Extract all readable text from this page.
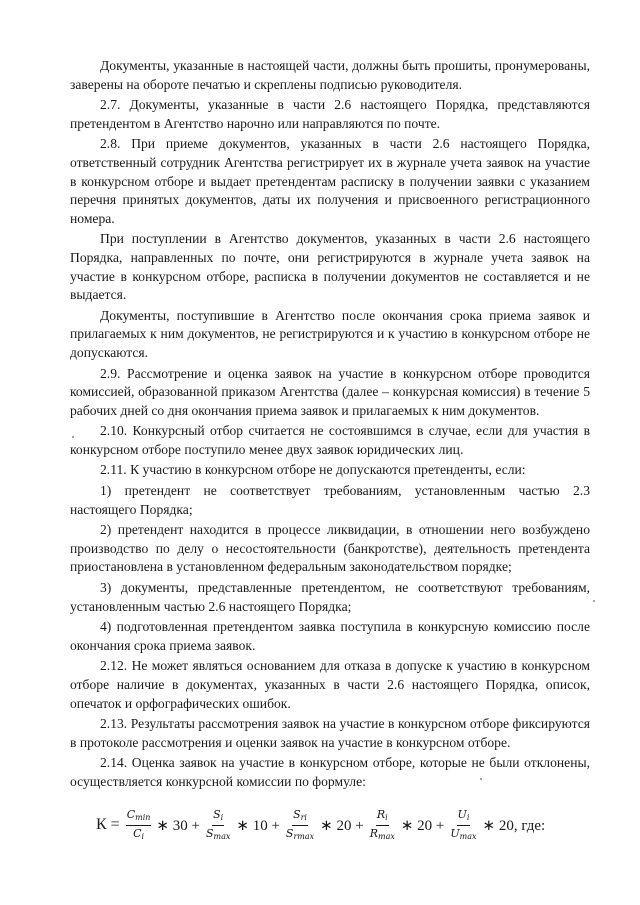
Документы, указанные в настоящей части, должны быть прошиты, пронумерованы, заверены на обороте печатью и скреплены подписью руководителя.

2.7. Документы, указанные в части 2.6 настоящего Порядка, представляются претендентом в Агентство нарочно или направляются по почте.

2.8. При приеме документов, указанных в части 2.6 настоящего Порядка, ответственный сотрудник Агентства регистрирует их в журнале учета заявок на участие в конкурсном отборе и выдает претендентам расписку в получении заявки с указанием перечня принятых документов, даты их получения и присвоенного регистрационного номера.

При поступлении в Агентство документов, указанных в части 2.6 настоящего Порядка, направленных по почте, они регистрируются в журнале учета заявок на участие в конкурсном отборе, расписка в получении документов не составляется и не выдается.

Документы, поступившие в Агентство после окончания срока приема заявок и прилагаемых к ним документов, не регистрируются и к участию в конкурсном отборе не допускаются.

2.9. Рассмотрение и оценка заявок на участие в конкурсном отборе проводится комиссией, образованной приказом Агентства (далее – конкурсная комиссия) в течение 5 рабочих дней со дня окончания приема заявок и прилагаемых к ним документов.

2.10. Конкурсный отбор считается не состоявшимся в случае, если для участия в конкурсном отборе поступило менее двух заявок юридических лиц.

2.11. К участию в конкурсном отборе не допускаются претенденты, если:

1) претендент не соответствует требованиям, установленным частью 2.3 настоящего Порядка;

2) претендент находится в процессе ликвидации, в отношении него возбуждено производство по делу о несостоятельности (банкротстве), деятельность претендента приостановлена в установленном федеральным законодательством порядке;

3) документы, представленные претендентом, не соответствуют требованиям, установленным частью 2.6 настоящего Порядка;

4) подготовленная претендентом заявка поступила в конкурсную комиссию после окончания срока приема заявок.

2.12. Не может являться основанием для отказа в допуске к участию в конкурсном отборе наличие в документах, указанных в части 2.6 настоящего Порядка, описок, опечаток и орфографических ошибок.

2.13. Результаты рассмотрения заявок на участие в конкурсном отборе фиксируются в протоколе рассмотрения и оценки заявок на участие в конкурсном отборе.

2.14. Оценка заявок на участие в конкурсном отборе, которые не были отклонены, осуществляется конкурсной комиссии по формуле:

$К = \frac{C_{min}}{C_i}$ ∗ $30 + \frac{S_i}{S_{max}}$ ∗ $10 + \frac{S_{ri}}{S_{rmax}}$ ∗ $20 + \frac{R_i}{R_{max}}$ ∗ $20 + \frac{U_i}{U_{max}}$ ∗ 20, где:
